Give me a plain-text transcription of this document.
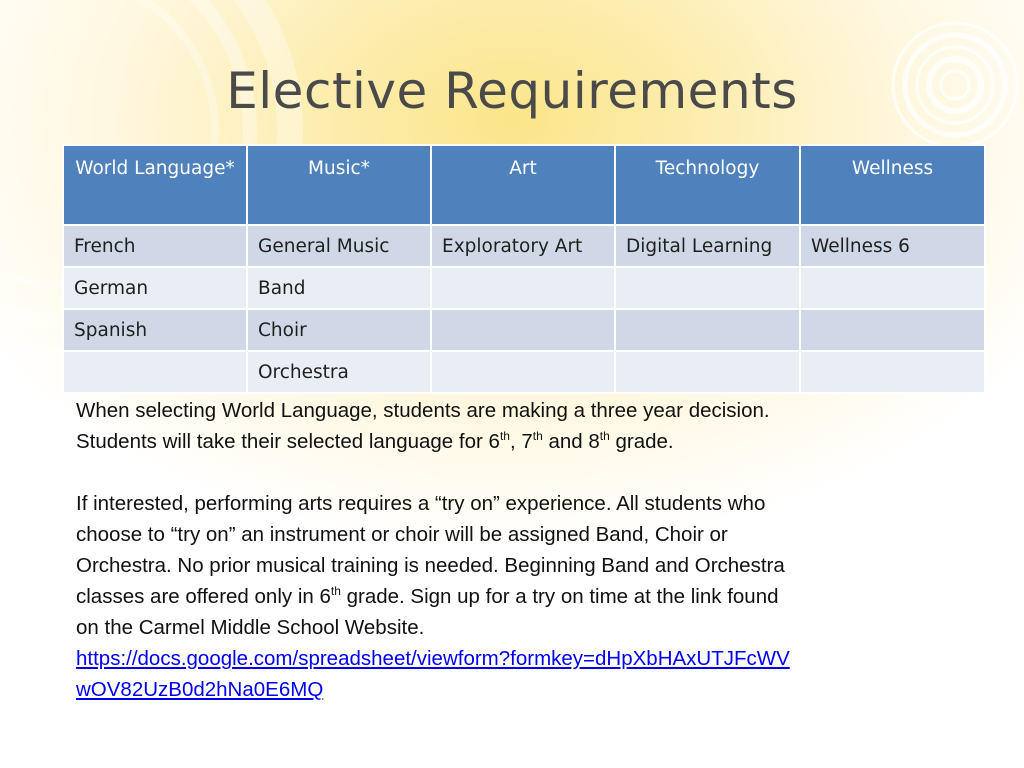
Elective Requirements
World Language*	Music*	Art	Technology	Wellness
French	General Music	Exploratory Art	Digital Learning	Wellness 6
German	Band			
Spanish	Choir			
	Orchestra			

When selecting World Language, students are making a three year decision.
Students will take their selected language for 6th, 7th and 8th grade.

If interested, performing arts requires a “try on” experience. All students who
choose to “try on” an instrument or choir will be assigned Band, Choir or
Orchestra. No prior musical training is needed. Beginning Band and Orchestra
classes are offered only in 6th grade. Sign up for a try on time at the link found
on the Carmel Middle School Website.
https://docs.google.com/spreadsheet/viewform?formkey=dHpXbHAxUTJFcWV
wOV82UzB0d2hNa0E6MQ
